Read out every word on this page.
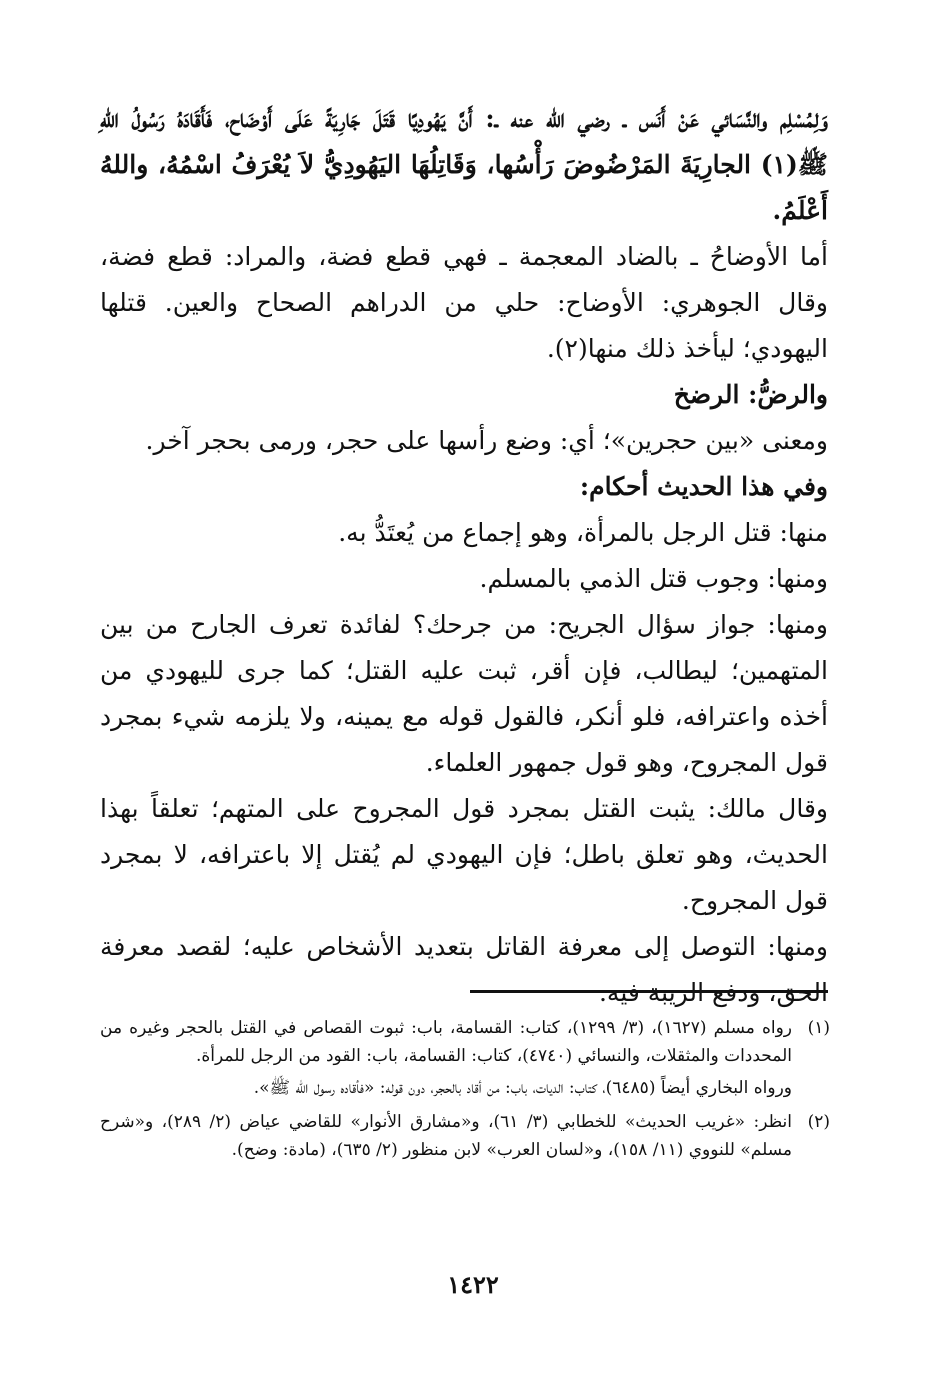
وَلِمُسْلِم والنَّسَائي عَنْ أَنَس ـ رضي الله عنه ـ: أَنَّ يَهُودِيًا قَتَلَ جَارِيَةً عَلَى أَوْضَاح، فَأَقَادَهُ رَسُولُ اللهِ ﷺ(١) الجارِيَةَ المَرْضُوضَ رَأْسُها، وَقَاتِلُهَا اليَهُودِيُّ لاَ يُعْرَفُ اسْمُهُ، واللهُ أَعْلَمُ.

أما الأوضاحُ ـ بالضاد المعجمة ـ فهي قطع فضة، والمراد: قطع فضة، وقال الجوهري: الأوضاح: حلي من الدراهم الصحاح والعين. قتلها اليهودي؛ ليأخذ ذلك منها(٢).

والرضُّ: الرضخ

ومعنى «بين حجرين»؛ أي: وضع رأسها على حجر، ورمى بحجر آخر.

وفي هذا الحديث أحكام:

منها: قتل الرجل بالمرأة، وهو إجماع من يُعتَدُّ به.

ومنها: وجوب قتل الذمي بالمسلم.

ومنها: جواز سؤال الجريح: من جرحك؟ لفائدة تعرف الجارح من بين المتهمين؛ ليطالب، فإن أقر، ثبت عليه القتل؛ كما جرى لليهودي من أخذه واعترافه، فلو أنكر، فالقول قوله مع يمينه، ولا يلزمه شيء بمجرد قول المجروح، وهو قول جمهور العلماء.

وقال مالك: يثبت القتل بمجرد قول المجروح على المتهم؛ تعلقاً بهذا الحديث، وهو تعلق باطل؛ فإن اليهودي لم يُقتل إلا باعترافه، لا بمجرد قول المجروح.

ومنها: التوصل إلى معرفة القاتل بتعديد الأشخاص عليه؛ لقصد معرفة الحق، ودفع الريبة فيه.

(١)

رواه مسلم (١٦٢٧)، (٣/ ١٢٩٩)، كتاب: القسامة، باب: ثبوت القصاص في القتل بالحجر وغيره من المحددات والمثقلات، والنسائي (٤٧٤٠)، كتاب: القسامة، باب: القود من الرجل للمرأة.

ورواه البخاري أيضاً (٦٤٨٥)، كتاب: الديات، باب: من أقاد بالحجر، دون قوله: «فأقاده رسول الله ﷺ».

(٢)

انظر: «غريب الحديث» للخطابي (٣/ ٦١)، و«مشارق الأنوار» للقاضي عياض (٢/ ٢٨٩)، و«شرح مسلم» للنووي (١١/ ١٥٨)، و«لسان العرب» لابن منظور (٢/ ٦٣٥)، (مادة: وضح).

١٤٢٢
